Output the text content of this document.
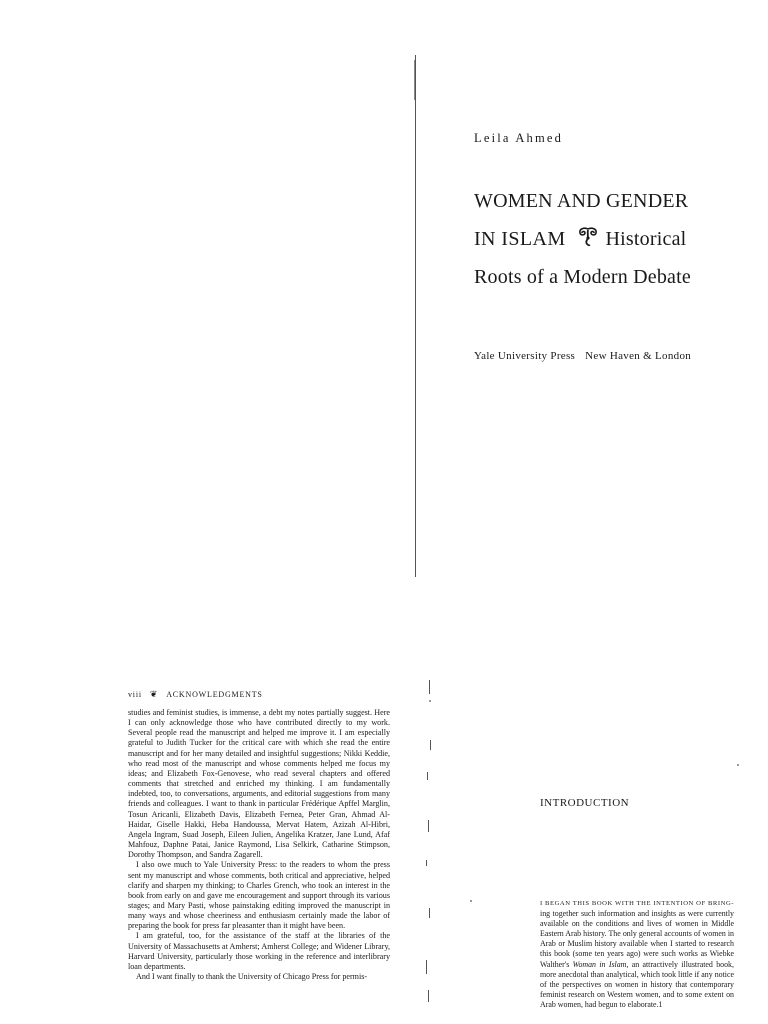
Leila Ahmed
WOMEN AND GENDER
IN ISLAM Historical
Roots of a Modern Debate
Yale University Press New Haven & London
viii ❦ ACKNOWLEDGMENTS

studies and feminist studies, is immense, a debt my notes partially suggest. Here I can only acknowledge those who have contributed directly to my work. Several people read the manuscript and helped me improve it. I am especially grateful to Judith Tucker for the critical care with which she read the entire manuscript and for her many detailed and insightful suggestions; Nikki Keddie, who read most of the manuscript and whose comments helped me focus my ideas; and Elizabeth Fox-Genovese, who read several chapters and offered comments that stretched and enriched my thinking. I am fundamentally indebted, too, to conversations, arguments, and editorial suggestions from many friends and colleagues. I want to thank in particular Frédérique Apffel Marglin, Tosun Aricanli, Elizabeth Davis, Elizabeth Fernea, Peter Gran, Ahmad Al-Haidar, Giselle Hakki, Heba Handoussa, Mervat Hatem, Azizah Al-Hibri, Angela Ingram, Suad Joseph, Eileen Julien, Angelika Kratzer, Jane Lund, Afaf Mahfouz, Daphne Patai, Janice Raymond, Lisa Selkirk, Catharine Stimpson, Dorothy Thompson, and Sandra Zagarell.

I also owe much to Yale University Press: to the readers to whom the press sent my manuscript and whose comments, both critical and appreciative, helped clarify and sharpen my thinking; to Charles Grench, who took an interest in the book from early on and gave me encouragement and support through its various stages; and Mary Pasti, whose painstaking editing improved the manuscript in many ways and whose cheeriness and enthusiasm certainly made the labor of preparing the book for press far pleasanter than it might have been.

I am grateful, too, for the assistance of the staff at the libraries of the University of Massachusetts at Amherst; Amherst College; and Widener Library, Harvard University, particularly those working in the reference and interlibrary loan departments.

And I want finally to thank the University of Chicago Press for permis-

INTRODUCTION
I BEGAN THIS BOOK WITH THE INTENTION OF BRING-ing together such information and insights as were currently available on the conditions and lives of women in Middle Eastern Arab history. The only general accounts of women in Arab or Muslim history available when I started to research this book (some ten years ago) were such works as Wiebke Walther's Woman in Islam, an attractively illustrated book, more anecdotal than analytical, which took little if any notice of the perspectives on women in history that contemporary feminist research on Western women, and to some extent on Arab women, had begun to elaborate.1
